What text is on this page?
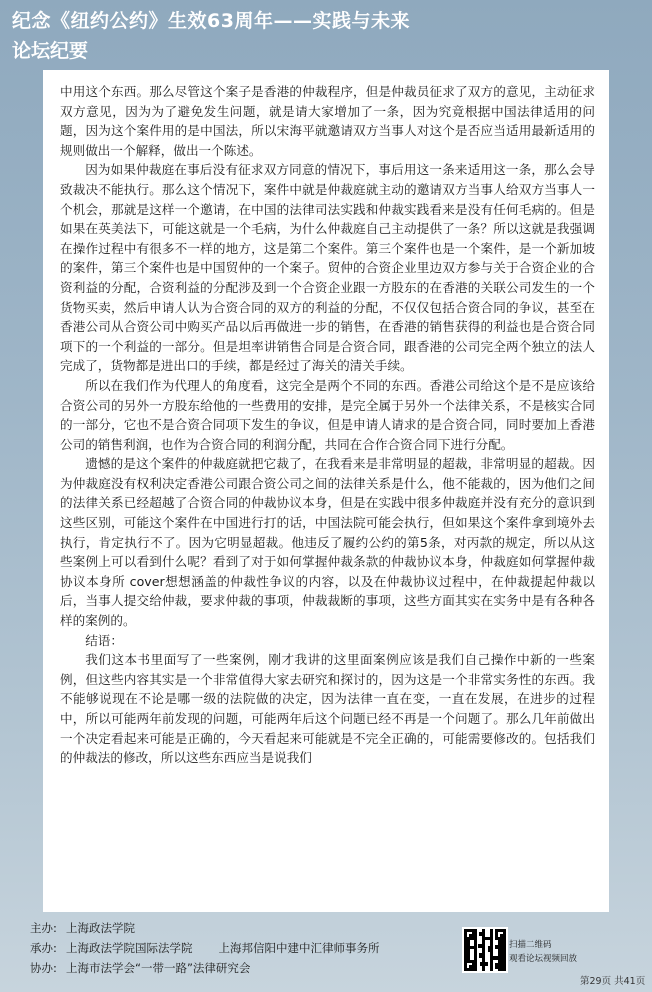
纪念《纽约公约》生效63周年——实践与未来
论坛纪要

中用这个东西。那么尽管这个案子是香港的仲裁程序，但是仲裁员征求了双方的意见，主动征求双方意见，因为为了避免发生问题，就是请大家增加了一条，因为究竟根据中国法律适用的问题，因为这个案件用的是中国法，所以宋海平就邀请双方当事人对这个是否应当适用最新适用的规则做出一个解释，做出一个陈述。

因为如果仲裁庭在事后没有征求双方同意的情况下，事后用这一条来适用这一条，那么会导致裁决不能执行。那么这个情况下，案件中就是仲裁庭就主动的邀请双方当事人给双方当事人一个机会，那就是这样一个邀请，在中国的法律司法实践和仲裁实践看来是没有任何毛病的。但是如果在英美法下，可能这就是一个毛病，为什么仲裁庭自己主动提供了一条？所以这就是我强调在操作过程中有很多不一样的地方，这是第二个案件。第三个案件也是一个案件，是一个新加坡的案件，第三个案件也是中国贸仲的一个案子。贸仲的合资企业里边双方参与关于合资企业的合资利益的分配，合资利益的分配涉及到一个合资企业跟一方股东的在香港的关联公司发生的一个货物买卖，然后申请人认为合资合同的双方的利益的分配，不仅仅包括合资合同的争议，甚至在香港公司从合资公司中购买产品以后再做进一步的销售，在香港的销售获得的利益也是合资合同项下的一个利益的一部分。但是坦率讲销售合同是合资合同，跟香港的公司完全两个独立的法人完成了，货物都是进出口的手续，都是经过了海关的清关手续。

所以在我们作为代理人的角度看，这完全是两个不同的东西。香港公司给这个是不是应该给合资公司的另外一方股东给他的一些费用的安排，是完全属于另外一个法律关系，不是核实合同的一部分，它也不是合资合同项下发生的争议，但是申请人请求的是合资合同，同时要加上香港公司的销售利润，也作为合资合同的利润分配，共同在合作合资合同下进行分配。

遗憾的是这个案件的仲裁庭就把它裁了，在我看来是非常明显的超裁，非常明显的超裁。因为仲裁庭没有权利决定香港公司跟合资公司之间的法律关系是什么，他不能裁的，因为他们之间的法律关系已经超越了合资合同的仲裁协议本身，但是在实践中很多仲裁庭并没有充分的意识到这些区别，可能这个案件在中国进行打的话，中国法院可能会执行，但如果这个案件拿到境外去执行，肯定执行不了。因为它明显超裁。他违反了履约公约的第5条，对丙款的规定，所以从这些案例上可以看到什么呢？看到了对于如何掌握仲裁条款的仲裁协议本身，仲裁庭如何掌握仲裁协议本身所 cover想想涵盖的仲裁性争议的内容，以及在仲裁协议过程中，在仲裁提起仲裁以后，当事人提交给仲裁，要求仲裁的事项，仲裁裁断的事项，这些方面其实在实务中是有各种各样的案例的。

结语：

我们这本书里面写了一些案例，刚才我讲的这里面案例应该是我们自己操作中新的一些案例，但这些内容其实是一个非常值得大家去研究和探讨的，因为这是一个非常实务性的东西。我不能够说现在不论是哪一级的法院做的决定，因为法律一直在变，一直在发展，在进步的过程中，所以可能两年前发现的问题，可能两年后这个问题已经不再是一个问题了。那么几年前做出一个决定看起来可能是正确的，今天看起来可能就是不完全正确的，可能需要修改的。包括我们的仲裁法的修改，所以这些东西应当是说我们

主办: 上海政法学院
承办: 上海政法学院国际法学院 上海邦信阳中建中汇律师事务所
协办: 上海市法学会“一带一路”法律研究会
扫描二维码
观看论坛视频回放
第29页 共41页
